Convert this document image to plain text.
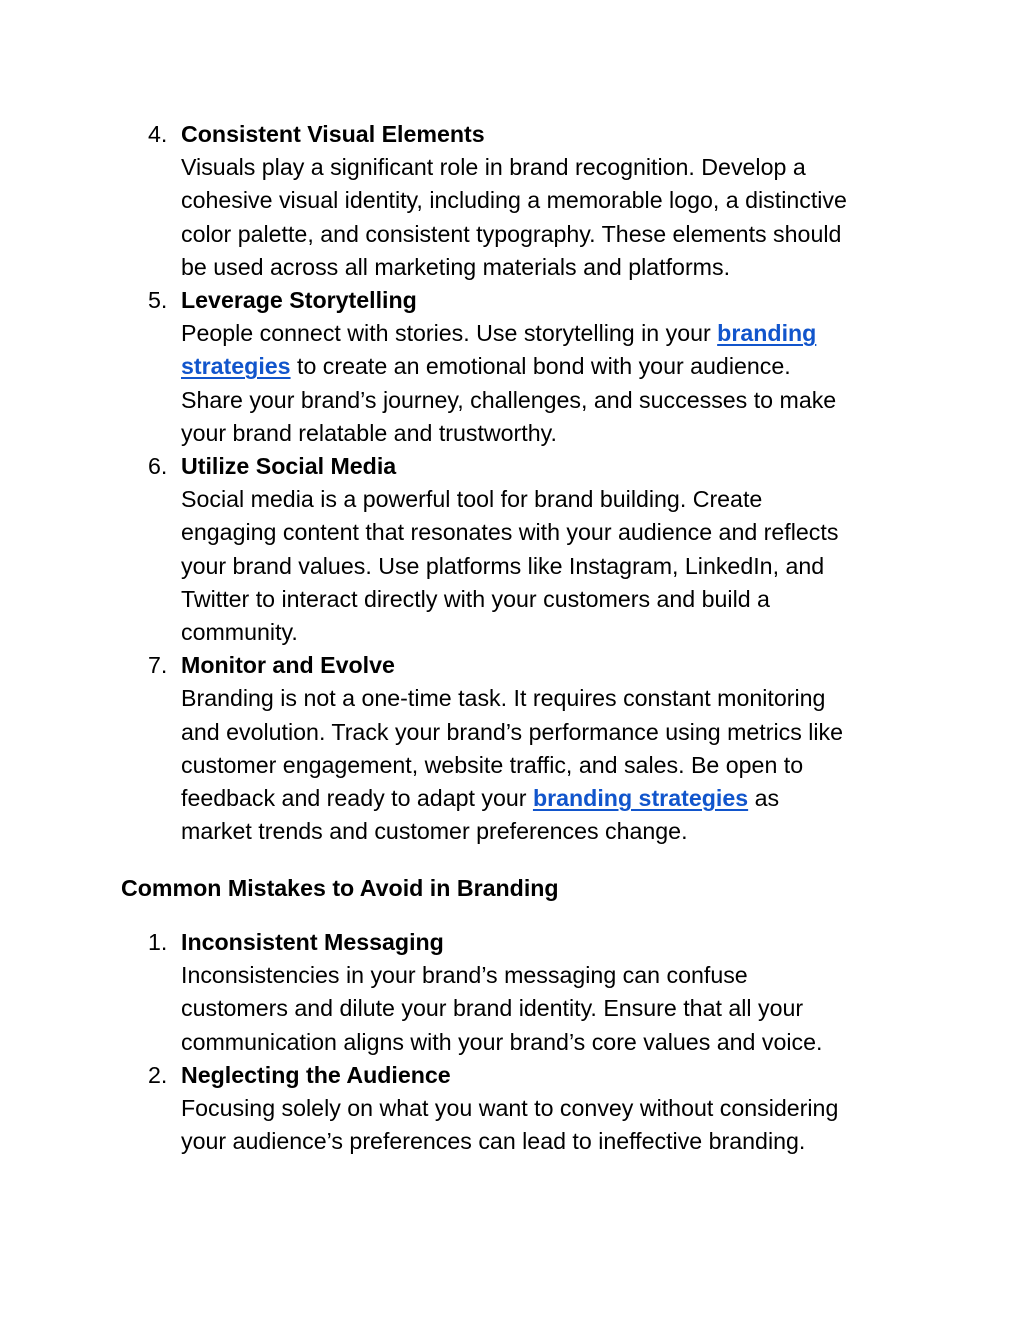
4. Consistent Visual Elements
Visuals play a significant role in brand recognition. Develop a
cohesive visual identity, including a memorable logo, a distinctive
color palette, and consistent typography. These elements should
be used across all marketing materials and platforms.
5. Leverage Storytelling
People connect with stories. Use storytelling in your branding
strategies to create an emotional bond with your audience.
Share your brand’s journey, challenges, and successes to make
your brand relatable and trustworthy.
6. Utilize Social Media
Social media is a powerful tool for brand building. Create
engaging content that resonates with your audience and reflects
your brand values. Use platforms like Instagram, LinkedIn, and
Twitter to interact directly with your customers and build a
community.
7. Monitor and Evolve
Branding is not a one-time task. It requires constant monitoring
and evolution. Track your brand’s performance using metrics like
customer engagement, website traffic, and sales. Be open to
feedback and ready to adapt your branding strategies as
market trends and customer preferences change.
Common Mistakes to Avoid in Branding
1. Inconsistent Messaging
Inconsistencies in your brand’s messaging can confuse
customers and dilute your brand identity. Ensure that all your
communication aligns with your brand’s core values and voice.
2. Neglecting the Audience
Focusing solely on what you want to convey without considering
your audience’s preferences can lead to ineffective branding.
